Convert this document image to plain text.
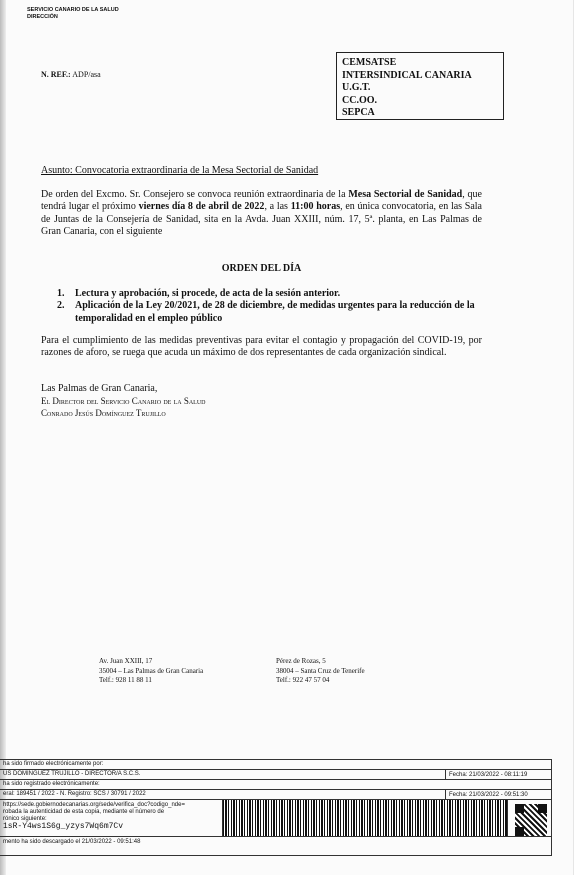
SERVICIO CANARIO DE LA SALUD
DIRECCIÓN
N. REF.: ADP/asa
CEMSATSE
INTERSINDICAL CANARIA
U.G.T.
CC.OO.
SEPCA
Asunto: Convocatoria extraordinaria de la Mesa Sectorial de Sanidad
De orden del Excmo. Sr. Consejero se convoca reunión extraordinaria de la Mesa Sectorial de Sanidad, que tendrá lugar el próximo viernes día 8 de abril de 2022, a las 11:00 horas, en única convocatoria, en las Sala de Juntas de la Consejería de Sanidad, sita en la Avda. Juan XXIII, núm. 17, 5ª. planta, en Las Palmas de Gran Canaria, con el siguiente
ORDEN DEL DÍA
1.	Lectura y aprobación, si procede, de acta de la sesión anterior.
2.	Aplicación de la Ley 20/2021, de 28 de diciembre, de medidas urgentes para la reducción de la temporalidad en el empleo público
Para el cumplimiento de las medidas preventivas para evitar el contagio y propagación del COVID-19, por razones de aforo, se ruega que acuda un máximo de dos representantes de cada organización sindical.
Las Palmas de Gran Canaria,
El Director del Servicio Canario de la Salud
Conrado Jesús Domínguez Trujillo
Av. Juan XXIII, 17
35004 – Las Palmas de Gran Canaria
Telf.: 928 11 88 11
Pérez de Rozas, 5
38004 – Santa Cruz de Tenerife
Telf.: 922 47 57 04
ha sido firmado electrónicamente por:
US DOMINGUEZ TRUJILLO - DIRECTOR/A S.C.S.	Fecha: 21/03/2022 - 08:11:19
ha sido registrado electrónicamente:
eral: 189451 / 2022 - N. Registro: SCS / 30791 / 2022	Fecha: 21/03/2022 - 09:51:30
https://sede.gobiernodecanarias.org/sede/verifica_doc?codigo_nde=
robada la autenticidad de esta copia, mediante el número de
rónico siguiente:
1sR-Y4ws1S6g_yzys7Wq6m7Cv
mento ha sido descargado el 21/03/2022 - 09:51:48
